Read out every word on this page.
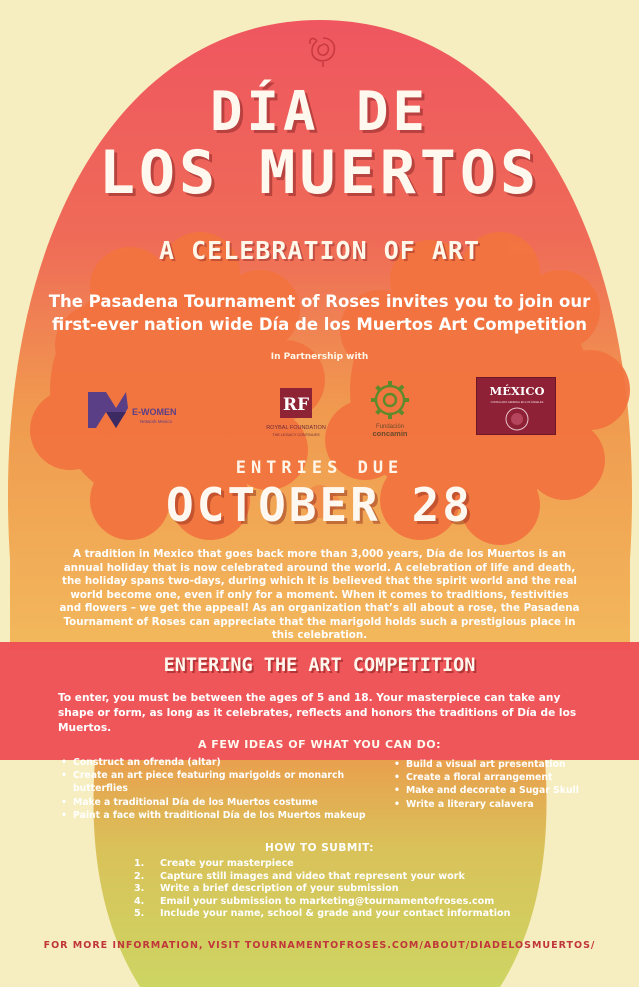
DÍA DE
LOS MUERTOS
A CELEBRATION OF ART
The Pasadena Tournament of Roses invites you to join our
first-ever nation wide Día de los Muertos Art Competition
In Partnership with
E-WOMEN
Network Mexico
RF
ROYBAL FOUNDATION
THE LEGACY CONTINUES
Fundación
concamin
MÉXICO
CONSULADO GENERAL EN LOS ÁNGELES
ENTRIES DUE
OCTOBER 28
A tradition in Mexico that goes back more than 3,000 years, Día de los Muertos is an annual holiday that is now celebrated around the world. A celebration of life and death, the holiday spans two-days, during which it is believed that the spirit world and the real world become one, even if only for a moment. When it comes to traditions, festivities and flowers – we get the appeal! As an organization that’s all about a rose, the Pasadena Tournament of Roses can appreciate that the marigold holds such a prestigious place in this celebration.
ENTERING THE ART COMPETITION
To enter, you must be between the ages of 5 and 18. Your masterpiece can take any shape or form, as long as it celebrates, reflects and honors the traditions of Día de los Muertos.
A FEW IDEAS OF WHAT YOU CAN DO:
• Construct an ofrenda (altar)
• Create an art piece featuring marigolds or monarch butterflies
• Make a traditional Día de los Muertos costume
• Paint a face with traditional Día de los Muertos makeup
• Build a visual art presentation
• Create a floral arrangement
• Make and decorate a Sugar Skull
• Write a literary calavera
HOW TO SUBMIT:
1.	Create your masterpiece
2.	Capture still images and video that represent your work
3.	Write a brief description of your submission
4.	Email your submission to marketing@tournamentofroses.com
5.	Include your name, school & grade and your contact information
FOR MORE INFORMATION, VISIT TOURNAMENTOFROSES.COM/ABOUT/DIADELOSMUERTOS/
